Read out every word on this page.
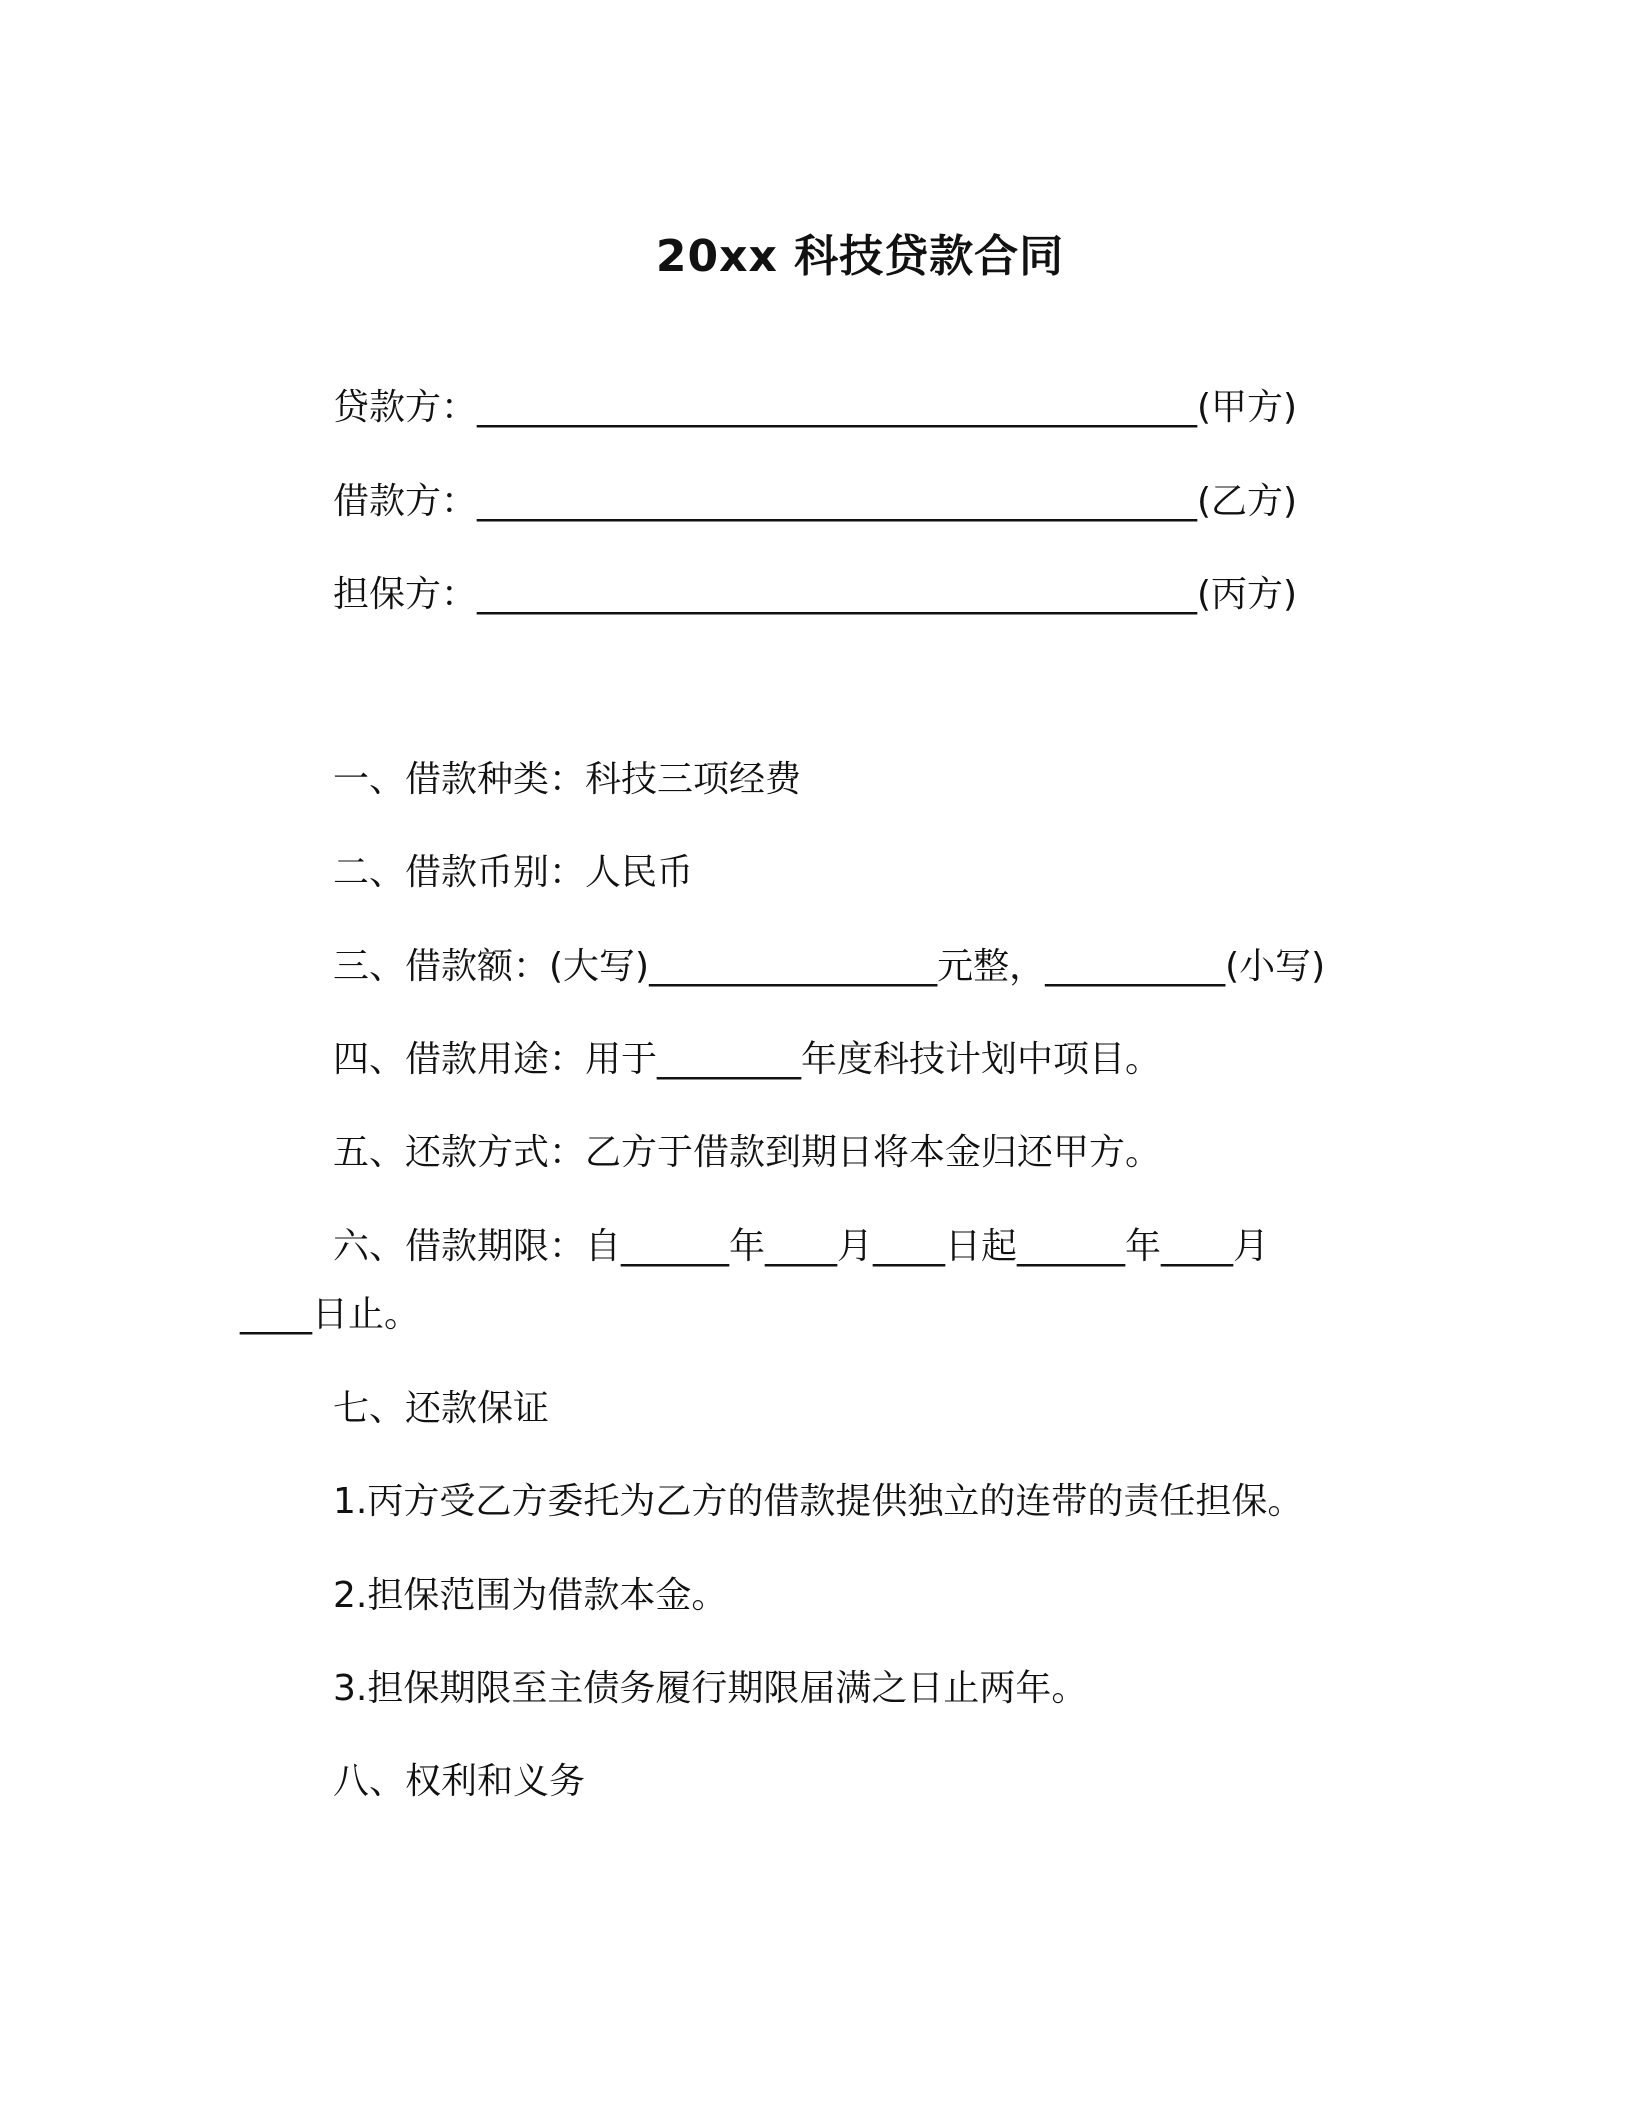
20xx 科技贷款合同
贷款方：________________________________________(甲方)
借款方：________________________________________(乙方)
担保方：________________________________________(丙方)
一、借款种类：科技三项经费
二、借款币别：人民币
三、借款额：(大写)________________元整，__________(小写)
四、借款用途：用于________年度科技计划中项目。
五、还款方式：乙方于借款到期日将本金归还甲方。
六、借款期限：自______年____月____日起______年____月
____日止。
七、还款保证
1.丙方受乙方委托为乙方的借款提供独立的连带的责任担保。
2.担保范围为借款本金。
3.担保期限至主债务履行期限届满之日止两年。
八、权利和义务
